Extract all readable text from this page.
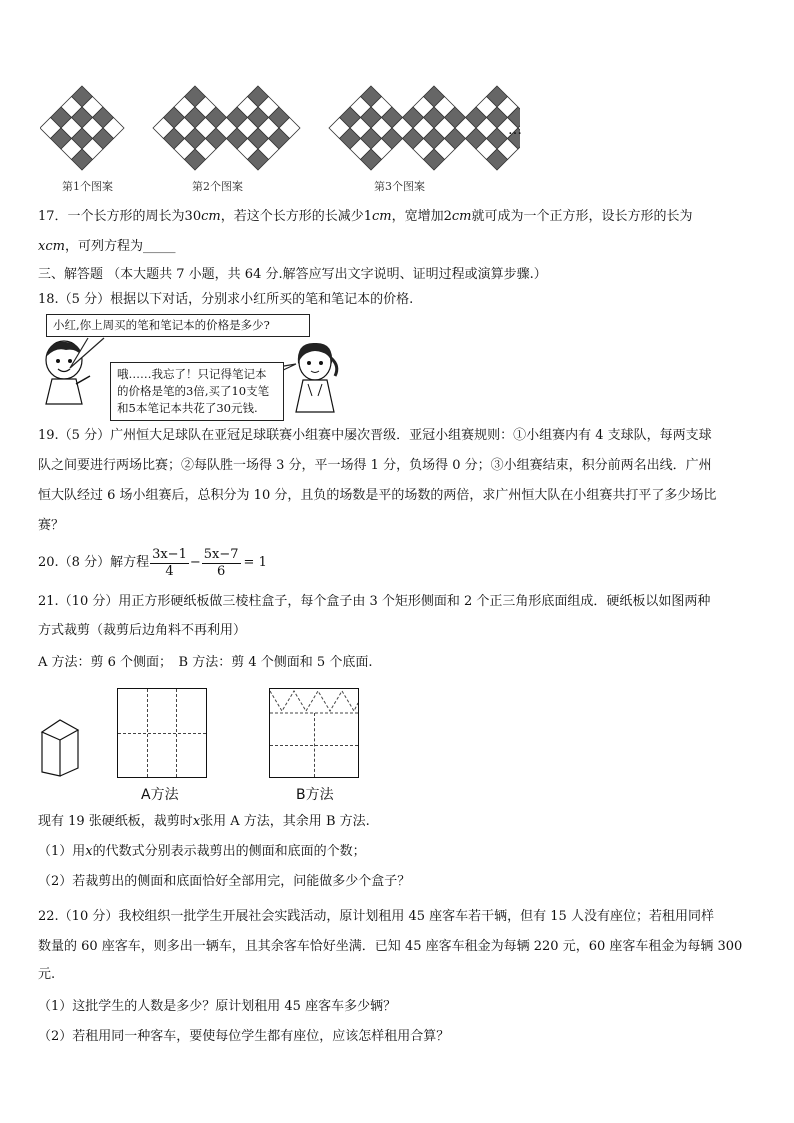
…
第1个图案	第2个图案	第3个图案
17．一个长方形的周长为30cm，若这个长方形的长减少1cm，宽增加2cm就可成为一个正方形，设长方形的长为
xcm，可列方程为_____
三、解答题 （本大题共 7 小题，共 64 分.解答应写出文字说明、证明过程或演算步骤.）
18.（5 分）根据以下对话，分别求小红所买的笔和笔记本的价格.
小红,你上周买的笔和笔记本的价格是多少?
哦……我忘了！只记得笔记本
的价格是笔的3倍,买了10支笔
和5本笔记本共花了30元钱.
19.（5 分）广州恒大足球队在亚冠足球联赛小组赛中屡次晋级．亚冠小组赛规则：①小组赛内有 4 支球队，每两支球
队之间要进行两场比赛；②每队胜一场得 3 分，平一场得 1 分，负场得 0 分；③小组赛结束，积分前两名出线．广州
恒大队经过 6 场小组赛后，总积分为 10 分，且负的场数是平的场数的两倍，求广州恒大队在小组赛共打平了多少场比
赛？
20.（8 分）解方程 $\frac{3x-1}{4} - \frac{5x-7}{6} = 1$
21.（10 分）用正方形硬纸板做三棱柱盒子，每个盒子由 3 个矩形侧面和 2 个正三角形底面组成．硬纸板以如图两种
方式裁剪（裁剪后边角料不再利用）
A 方法：剪 6 个侧面；　B 方法：剪 4 个侧面和 5 个底面.
A方法	B方法
现有 19 张硬纸板，裁剪时x张用 A 方法，其余用 B 方法.
（1）用x的代数式分别表示裁剪出的侧面和底面的个数；
（2）若裁剪出的侧面和底面恰好全部用完，问能做多少个盒子？
22.（10 分）我校组织一批学生开展社会实践活动，原计划租用 45 座客车若干辆，但有 15 人没有座位；若租用同样
数量的 60 座客车，则多出一辆车，且其余客车恰好坐满．已知 45 座客车租金为每辆 220 元，60 座客车租金为每辆 300
元.
（1）这批学生的人数是多少？原计划租用 45 座客车多少辆？
（2）若租用同一种客车，要使每位学生都有座位，应该怎样租用合算？
